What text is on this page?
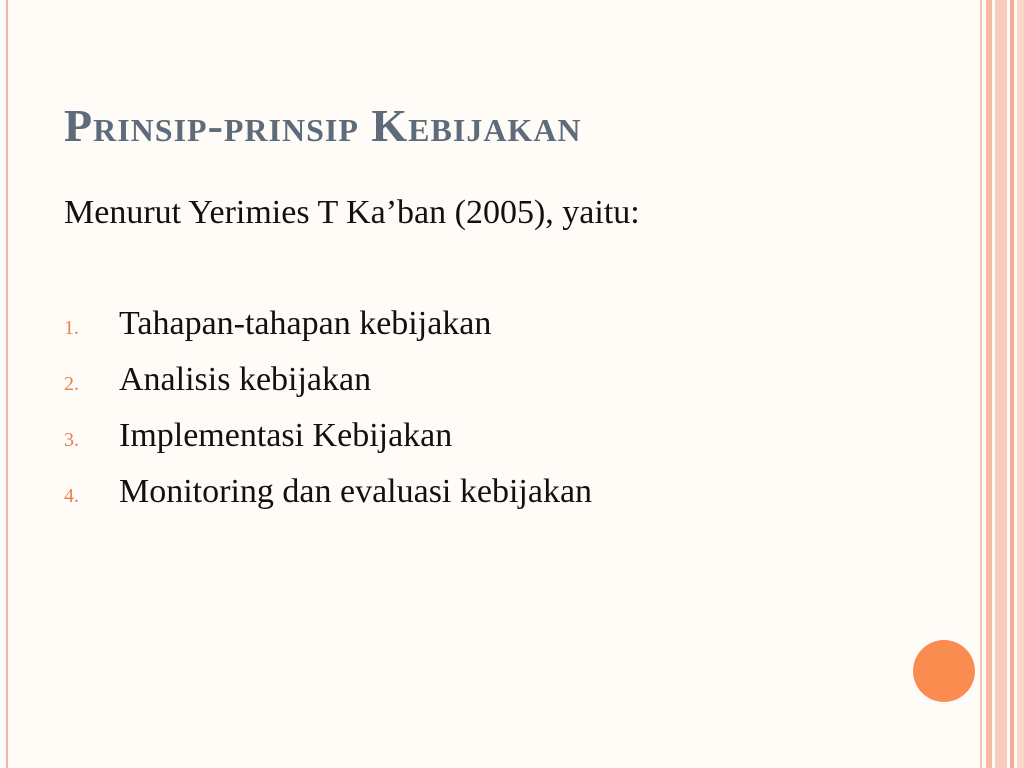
Prinsip-prinsip Kebijakan

Menurut Yerimies T Ka’ban (2005), yaitu:

1.	Tahapan-tahapan kebijakan
2.	Analisis kebijakan
3.	Implementasi Kebijakan
4.	Monitoring dan evaluasi kebijakan
